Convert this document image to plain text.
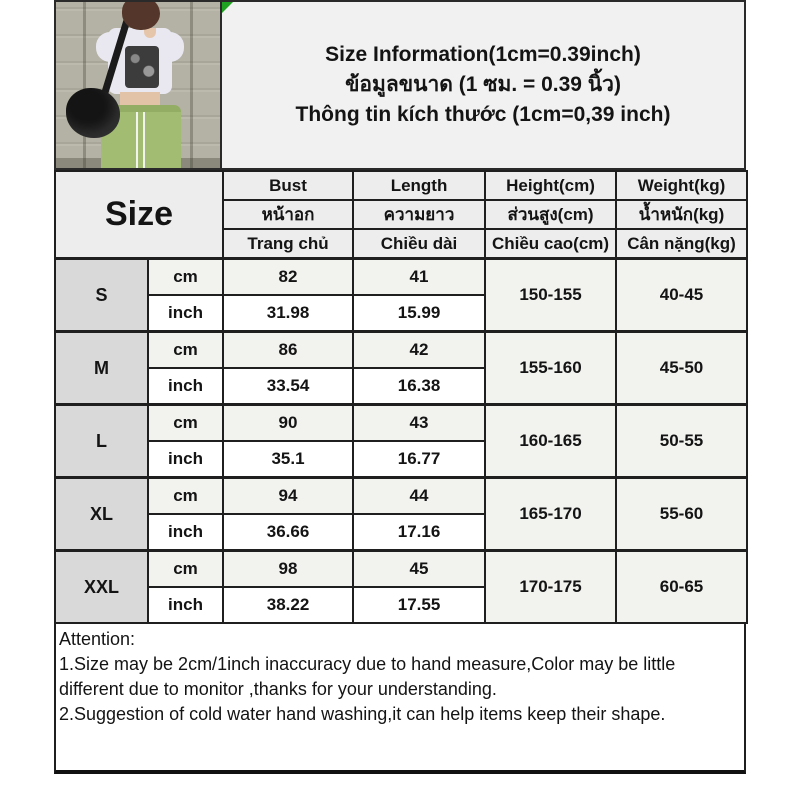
Size Information(1cm=0.39inch)
ข้อมูลขนาด (1 ซม. = 0.39 นิ้ว)
Thông tin kích thước (1cm=0,39 inch)
Size		Bust	Length	Height(cm)	Weight(kg)
		หน้าอก	ความยาว	ส่วนสูง(cm)	น้ำหนัก(kg)
		Trang chủ	Chiều dài	Chiều cao(cm)	Cân nặng(kg)
S	cm	82	41	150-155	40-45
	inch	31.98	15.99		
M	cm	86	42	155-160	45-50
	inch	33.54	16.38		
L	cm	90	43	160-165	50-55
	inch	35.1	16.77		
XL	cm	94	44	165-170	55-60
	inch	36.66	17.16		
XXL	cm	98	45	170-175	60-65
	inch	38.22	17.55		

Attention:

1.Size may be 2cm/1inch inaccuracy due to hand measure,Color may be little different due to monitor ,thanks for your understanding.

2.Suggestion of cold water hand washing,it can help items keep their shape.
